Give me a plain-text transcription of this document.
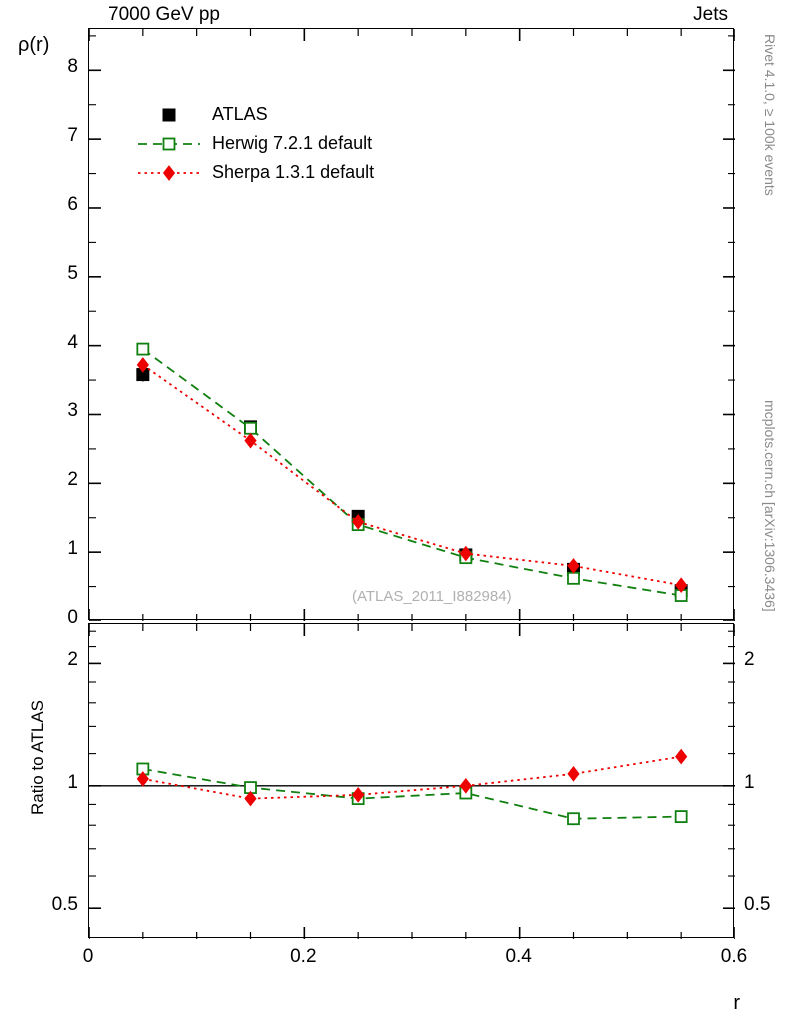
7000 GeV pp	Jets
Rivet 4.1.0, ≥ 100k events
mcplots.cern.ch [arXiv:1306.3436]
ρ(r)
Ratio to ATLAS
r
(ATLAS_2011_I882984)
ATLAS
Herwig 7.2.1 default
Sherpa 1.3.1 default
8
7
6
5
4
3
2
1
0
2	2
1	1
0.5	0.5
0	0.2	0.4	0.6
